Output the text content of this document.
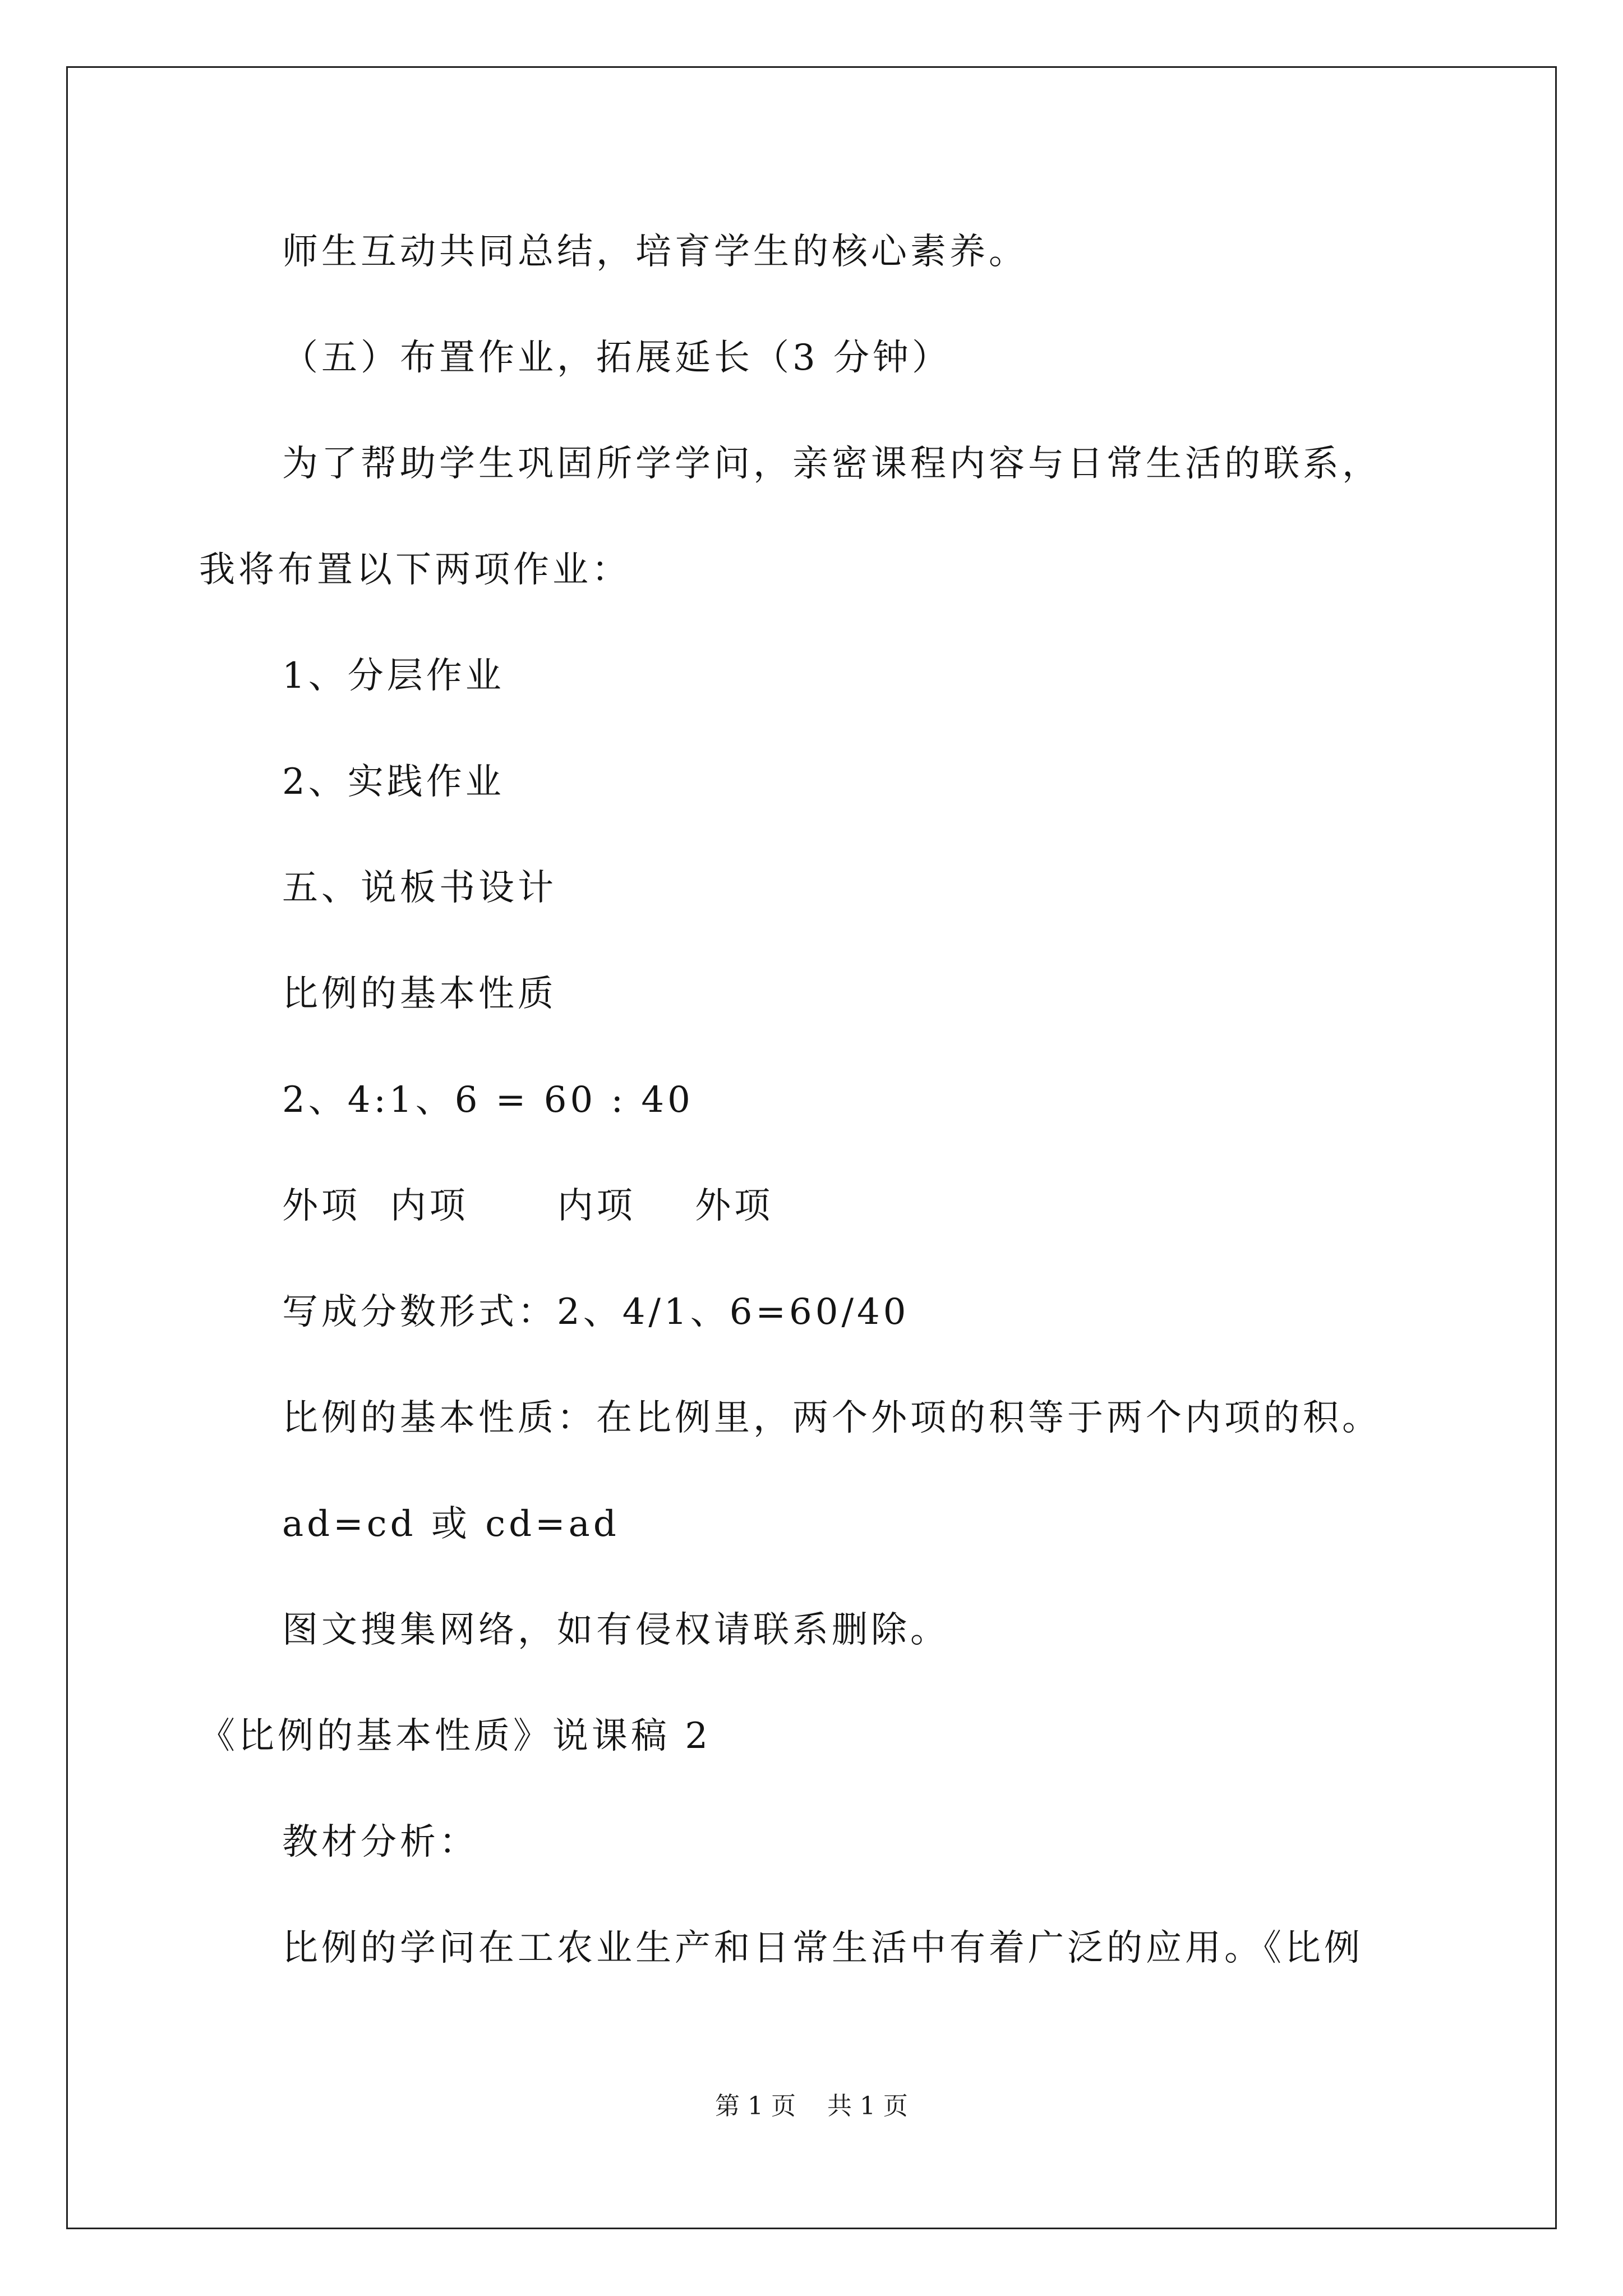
师生互动共同总结，培育学生的核心素养。
（五）布置作业，拓展延长（3 分钟）
为了帮助学生巩固所学学问，亲密课程内容与日常生活的联系，
我将布置以下两项作业：
1、分层作业
2、实践作业
五、说板书设计
比例的基本性质
2、4:1、6 = 60 : 40
外项  内项      内项    外项
写成分数形式：2、4/1、6=60/40
比例的基本性质：在比例里，两个外项的积等于两个内项的积。
ad=cd 或 cd=ad
图文搜集网络，如有侵权请联系删除。
《比例的基本性质》说课稿 2
教材分析：
比例的学问在工农业生产和日常生活中有着广泛的应用。《比例
第 1 页    共 1 页
